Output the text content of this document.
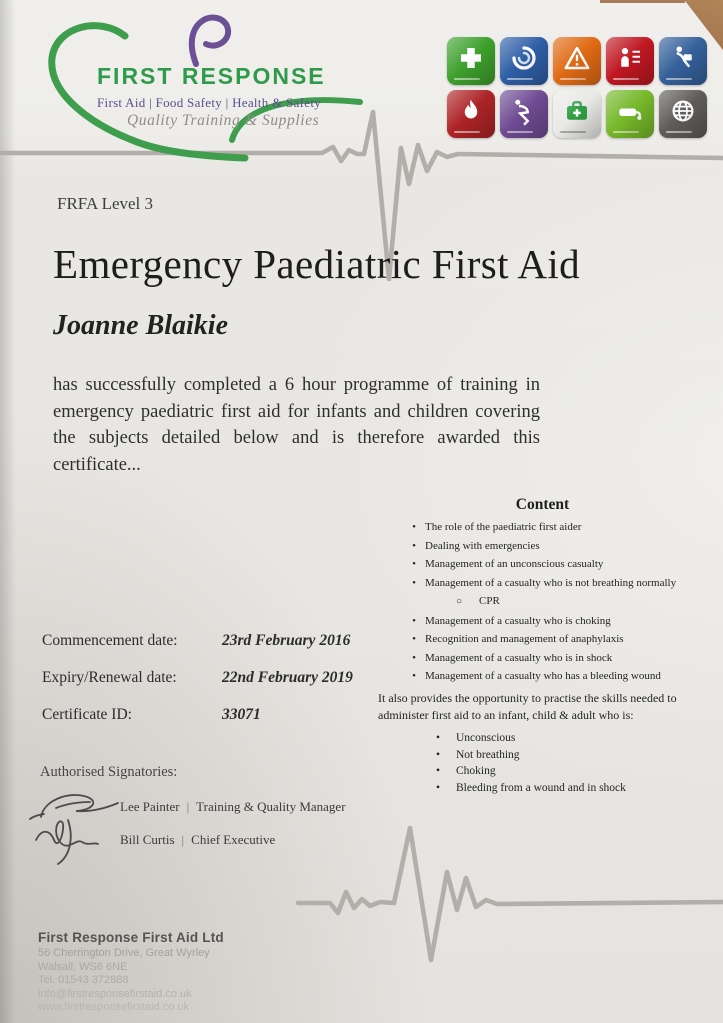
FIRST RESPONSE
First Aid | Food Safety | Health & Safety
Quality Training & Supplies
FRFA Level 3
Emergency Paediatric First Aid
Joanne Blaikie

has successfully completed a 6 hour programme of training in emergency paediatric first aid for infants and children covering the subjects detailed below and is therefore awarded this certificate...

Content
•
The role of the paediatric first aider
•
Dealing with emergencies
•
Management of an unconscious casualty
•
Management of a casualty who is not breathing normally
○
CPR
•
Management of a casualty who is choking
•
Recognition and management of anaphylaxis
•
Management of a casualty who is in shock
•
Management of a casualty who has a bleeding wound

It also provides the opportunity to practise the skills needed to administer first aid to an infant, child & adult who is:

•
Unconscious
•
Not breathing
•
Choking
•
Bleeding from a wound and in shock
Commencement date:	23rd February 2016
Expiry/Renewal date:	22nd February 2019
Certificate ID:	33071
Authorised Signatories:
Lee Painter | Training & Quality Manager
Bill Curtis | Chief Executive
First Response First Aid Ltd
56 Cherrington Drive, Great Wyrley
Walsall, WS6 6NE
Tel. 01543 372888
info@firstresponsefirstaid.co.uk
www.firstresponsefirstaid.co.uk
